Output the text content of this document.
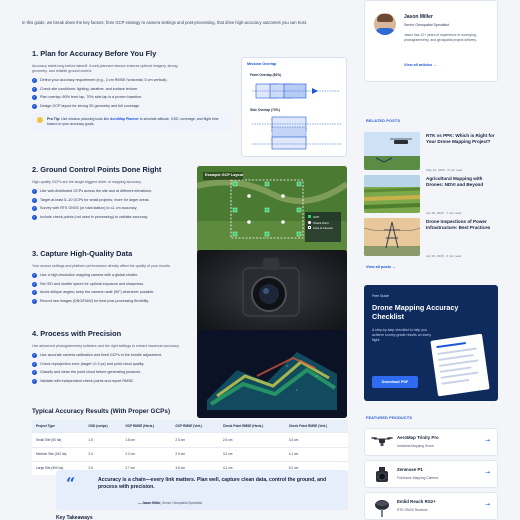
In this guide, we break down the key factors, from GCP strategy to camera settings and post-processing, that drive high-accuracy outcomes you can trust.

1. Plan for Accuracy Before You Fly

Accuracy starts long before takeoff. A well-planned mission ensures optimal imagery, strong geometry, and reliable ground control.

✓ Define your accuracy requirement (e.g., 3 cm RMSE horizontal, 5 cm vertical).
✓ Check site conditions: lighting, weather, and surface texture.
✓ Plan overlap: 80% front lap, 70% side lap is a proven baseline.
✓ Design GCP layout for strong 3D geometry and full coverage.
Pro Tip: Use mission planning tools like AeroMap Planner to simulate altitude, GSD, coverage, and flight time based on your accuracy goals.
Mission Overlap
Front Overlap (80%)
Side Overlap (70%)
2. Ground Control Points Done Right

High-quality GCPs are the single biggest driver of mapping accuracy.

✓ Use well-distributed GCPs across the site and at different elevations.
✓ Target at least 5–10 GCPs for small projects; more for larger areas.
✓ Survey with RTK GNSS (or total station) to ≤1 cm accuracy.
✓ Include check points (not used in processing) to validate accuracy.
Example GCP Layout
GCP
Check Point
Area of Interest
3. Capture High-Quality Data

Your sensor settings and platform performance directly affect the quality of your results.

✓ Use a high-resolution mapping camera with a global shutter.
✓ Set ISO and shutter speed for optimal exposure and sharpness.
✓ Avoid oblique angles; keep the camera nadir (90°) whenever possible.
✓ Record raw images (DNG/RAW) for best post-processing flexibility.
4. Process with Precision

Use advanced photogrammetry software and the right settings to extract maximum accuracy.

✓ Use accurate camera calibration and fixed GCPs in the bundle adjustment.
✓ Check reprojection error (target <0.3 px) and point cloud quality.
✓ Classify and clean the point cloud before generating products.
✓ Validate with independent check points and report RMSE.
Typical Accuracy Results (With Proper GCPs)
Project Type	GSD (cm/px)	GCP RMSE (Horiz.)	GCP RMSE (Vert.)	Check Point RMSE (Horiz.)	Check Point RMSE (Vert.)
Small Site (50 ha)	1.5	1.8 cm	2.5 cm	2.6 cm	3.4 cm
Medium Site (150 ha)	2.0	2.2 cm	2.9 cm	3.2 cm	4.1 cm
Large Site (500 ha)	2.5	2.7 cm	3.6 cm	4.1 cm	5.2 cm
“	Accuracy is a chain—every link matters. Plan well, capture clean data, control the ground, and process with precision.
— Jason Miller, Senior Geospatial Specialist
Key Takeaways
Jason Miller
Senior Geospatial Specialist
Jason has 12+ years of experience in surveying, photogrammetry, and geospatial project delivery.
View all articles →
RELATED POSTS
RTK vs PPK: Which is Right for Your Drone Mapping Project?
May 12, 2025 · 8 min read
Agricultural Mapping with Drones: NDVI and Beyond
Apr 28, 2025 · 7 min read
Drone Inspections of Power Infrastructure: Best Practices
Apr 15, 2025 · 6 min read
View all posts →
Free Guide
Drone Mapping Accuracy Checklist
A step-by-step checklist to help you achieve survey-grade results on every flight.
Download PDF
FEATURED PRODUCTS
AeroMap Trinity Pro
Industrial Mapping Drone
→
Zenmuse P1
Full-frame Mapping Camera
→
Emlid Reach RS2+
RTK GNSS Receiver
→
